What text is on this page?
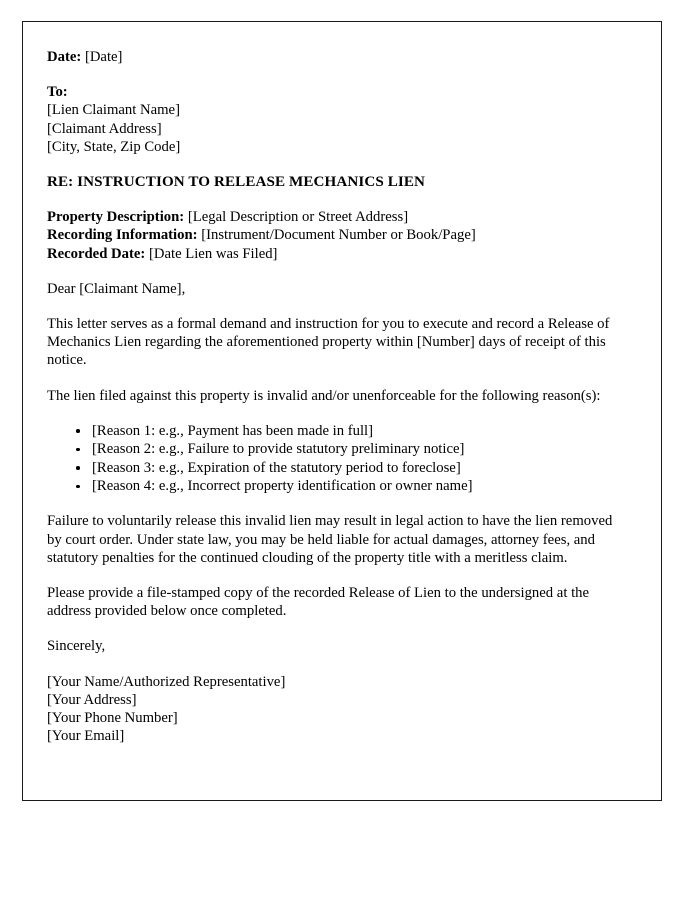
Date: [Date]
To:
[Lien Claimant Name]
[Claimant Address]
[City, State, Zip Code]
RE: INSTRUCTION TO RELEASE MECHANICS LIEN
Property Description: [Legal Description or Street Address]
Recording Information: [Instrument/Document Number or Book/Page]
Recorded Date: [Date Lien was Filed]
Dear [Claimant Name],
This letter serves as a formal demand and instruction for you to execute and record a Release of Mechanics Lien regarding the aforementioned property within [Number] days of receipt of this notice.
The lien filed against this property is invalid and/or unenforceable for the following reason(s):
[Reason 1: e.g., Payment has been made in full]
[Reason 2: e.g., Failure to provide statutory preliminary notice]
[Reason 3: e.g., Expiration of the statutory period to foreclose]
[Reason 4: e.g., Incorrect property identification or owner name]
Failure to voluntarily release this invalid lien may result in legal action to have the lien removed by court order. Under state law, you may be held liable for actual damages, attorney fees, and statutory penalties for the continued clouding of the property title with a meritless claim.
Please provide a file-stamped copy of the recorded Release of Lien to the undersigned at the address provided below once completed.
Sincerely,
[Your Name/Authorized Representative]
[Your Address]
[Your Phone Number]
[Your Email]
